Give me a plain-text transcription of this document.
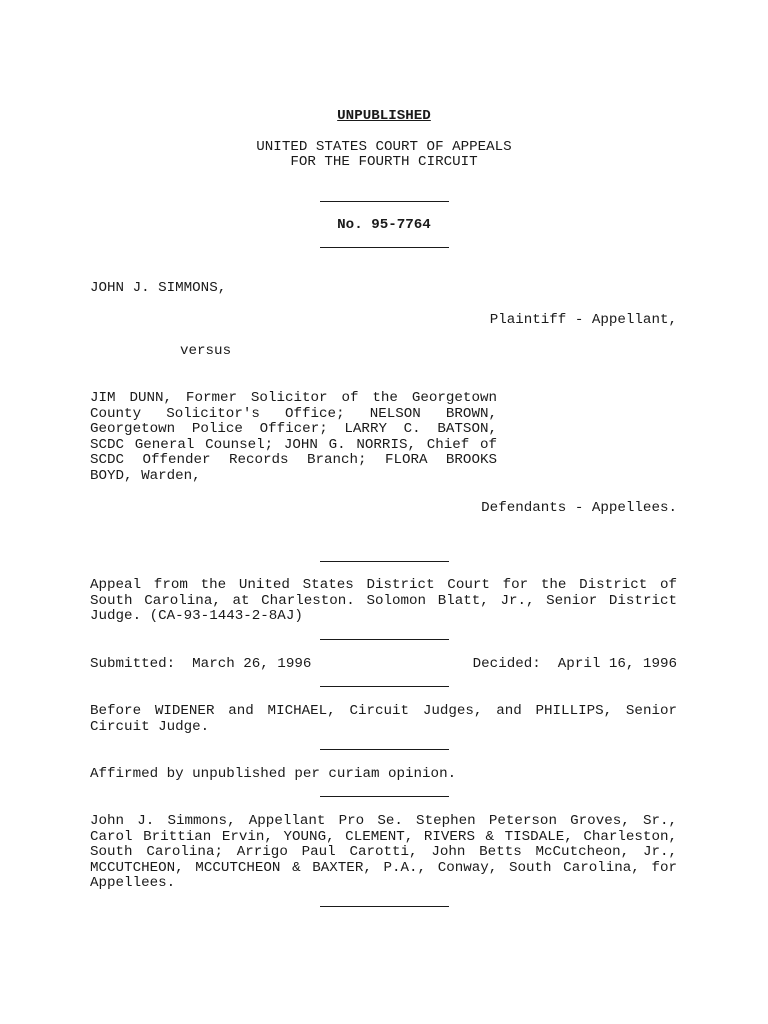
UNPUBLISHED
UNITED STATES COURT OF APPEALS
FOR THE FOURTH CIRCUIT
No. 95-7764
JOHN J. SIMMONS,
Plaintiff - Appellant,
versus
JIM DUNN, Former Solicitor of the Georgetown County Solicitor's Office; NELSON BROWN, Georgetown Police Officer; LARRY C. BATSON, SCDC General Counsel; JOHN G. NORRIS, Chief of SCDC Offender Records Branch; FLORA BROOKS BOYD, Warden,
Defendants - Appellees.
Appeal from the United States District Court for the District of South Carolina, at Charleston. Solomon Blatt, Jr., Senior District Judge. (CA-93-1443-2-8AJ)
Submitted:  March 26, 1996	Decided:  April 16, 1996
Before WIDENER and MICHAEL, Circuit Judges, and PHILLIPS, Senior Circuit Judge.
Affirmed by unpublished per curiam opinion.
John J. Simmons, Appellant Pro Se. Stephen Peterson Groves, Sr., Carol Brittian Ervin, YOUNG, CLEMENT, RIVERS & TISDALE, Charleston, South Carolina; Arrigo Paul Carotti, John Betts McCutcheon, Jr., MCCUTCHEON, MCCUTCHEON & BAXTER, P.A., Conway, South Carolina, for Appellees.
